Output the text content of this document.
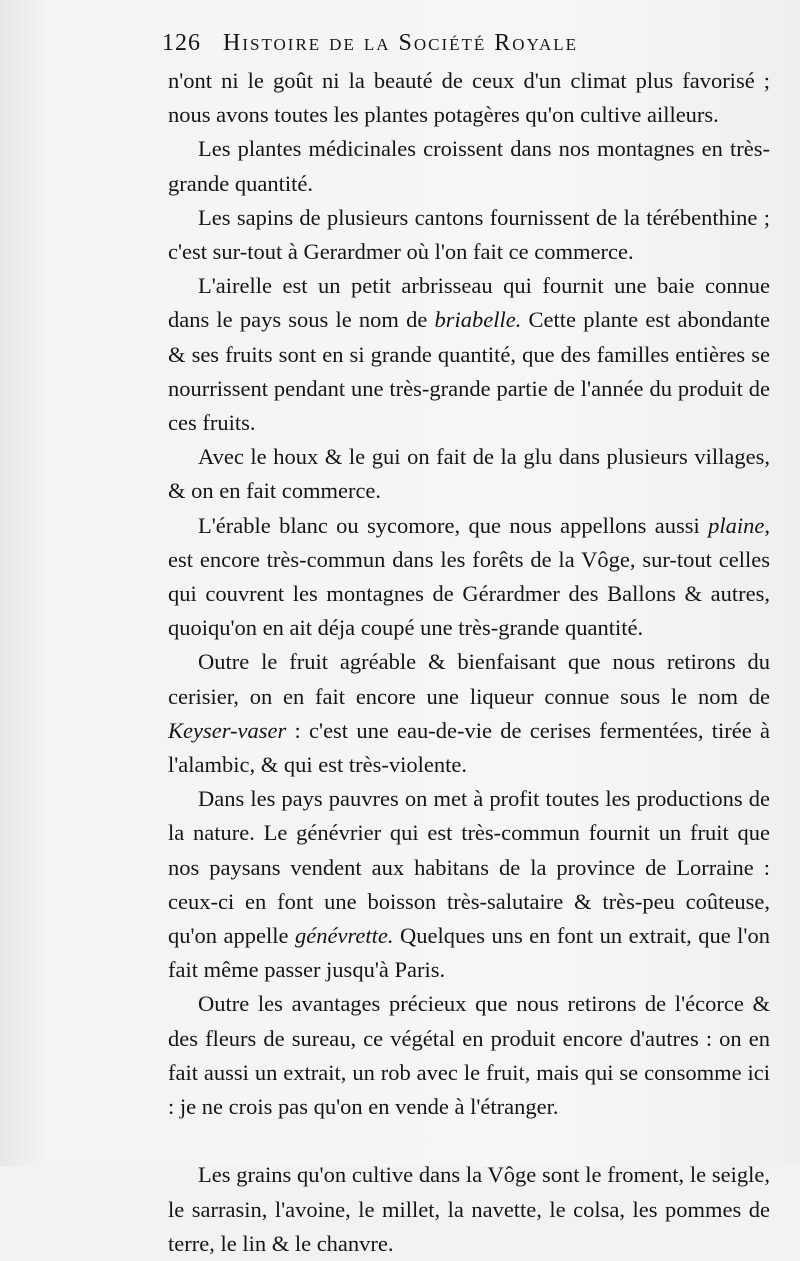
126 Histoire de la Société Royale

n'ont ni le goût ni la beauté de ceux d'un climat plus favorisé ; nous avons toutes les plantes potagères qu'on cultive ailleurs.

Les plantes médicinales croissent dans nos montagnes en très-grande quantité.

Les sapins de plusieurs cantons fournissent de la térébenthine ; c'est sur-tout à Gerardmer où l'on fait ce commerce.

L'airelle est un petit arbrisseau qui fournit une baie connue dans le pays sous le nom de briabelle. Cette plante est abondante & ses fruits sont en si grande quantité, que des familles entières se nourrissent pendant une très-grande partie de l'année du produit de ces fruits.

Avec le houx & le gui on fait de la glu dans plusieurs villages, & on en fait commerce.

L'érable blanc ou sycomore, que nous appellons aussi plaine, est encore très-commun dans les forêts de la Vôge, sur-tout celles qui couvrent les montagnes de Gérardmer des Ballons & autres, quoiqu'on en ait déja coupé une très-grande quantité.

Outre le fruit agréable & bienfaisant que nous retirons du cerisier, on en fait encore une liqueur connue sous le nom de Keyser-vaser : c'est une eau-de-vie de cerises fermentées, tirée à l'alambic, & qui est très-violente.

Dans les pays pauvres on met à profit toutes les productions de la nature. Le génévrier qui est très-commun fournit un fruit que nos paysans vendent aux habitans de la province de Lorraine : ceux-ci en font une boisson très-salutaire & très-peu coûteuse, qu'on appelle génévrette. Quelques uns en font un extrait, que l'on fait même passer jusqu'à Paris.

Outre les avantages précieux que nous retirons de l'écorce & des fleurs de sureau, ce végétal en produit encore d'autres : on en fait aussi un extrait, un rob avec le fruit, mais qui se consomme ici : je ne crois pas qu'on en vende à l'étranger.

Les grains qu'on cultive dans la Vôge sont le froment, le seigle, le sarrasin, l'avoine, le millet, la navette, le colsa, les pommes de terre, le lin & le chanvre.
